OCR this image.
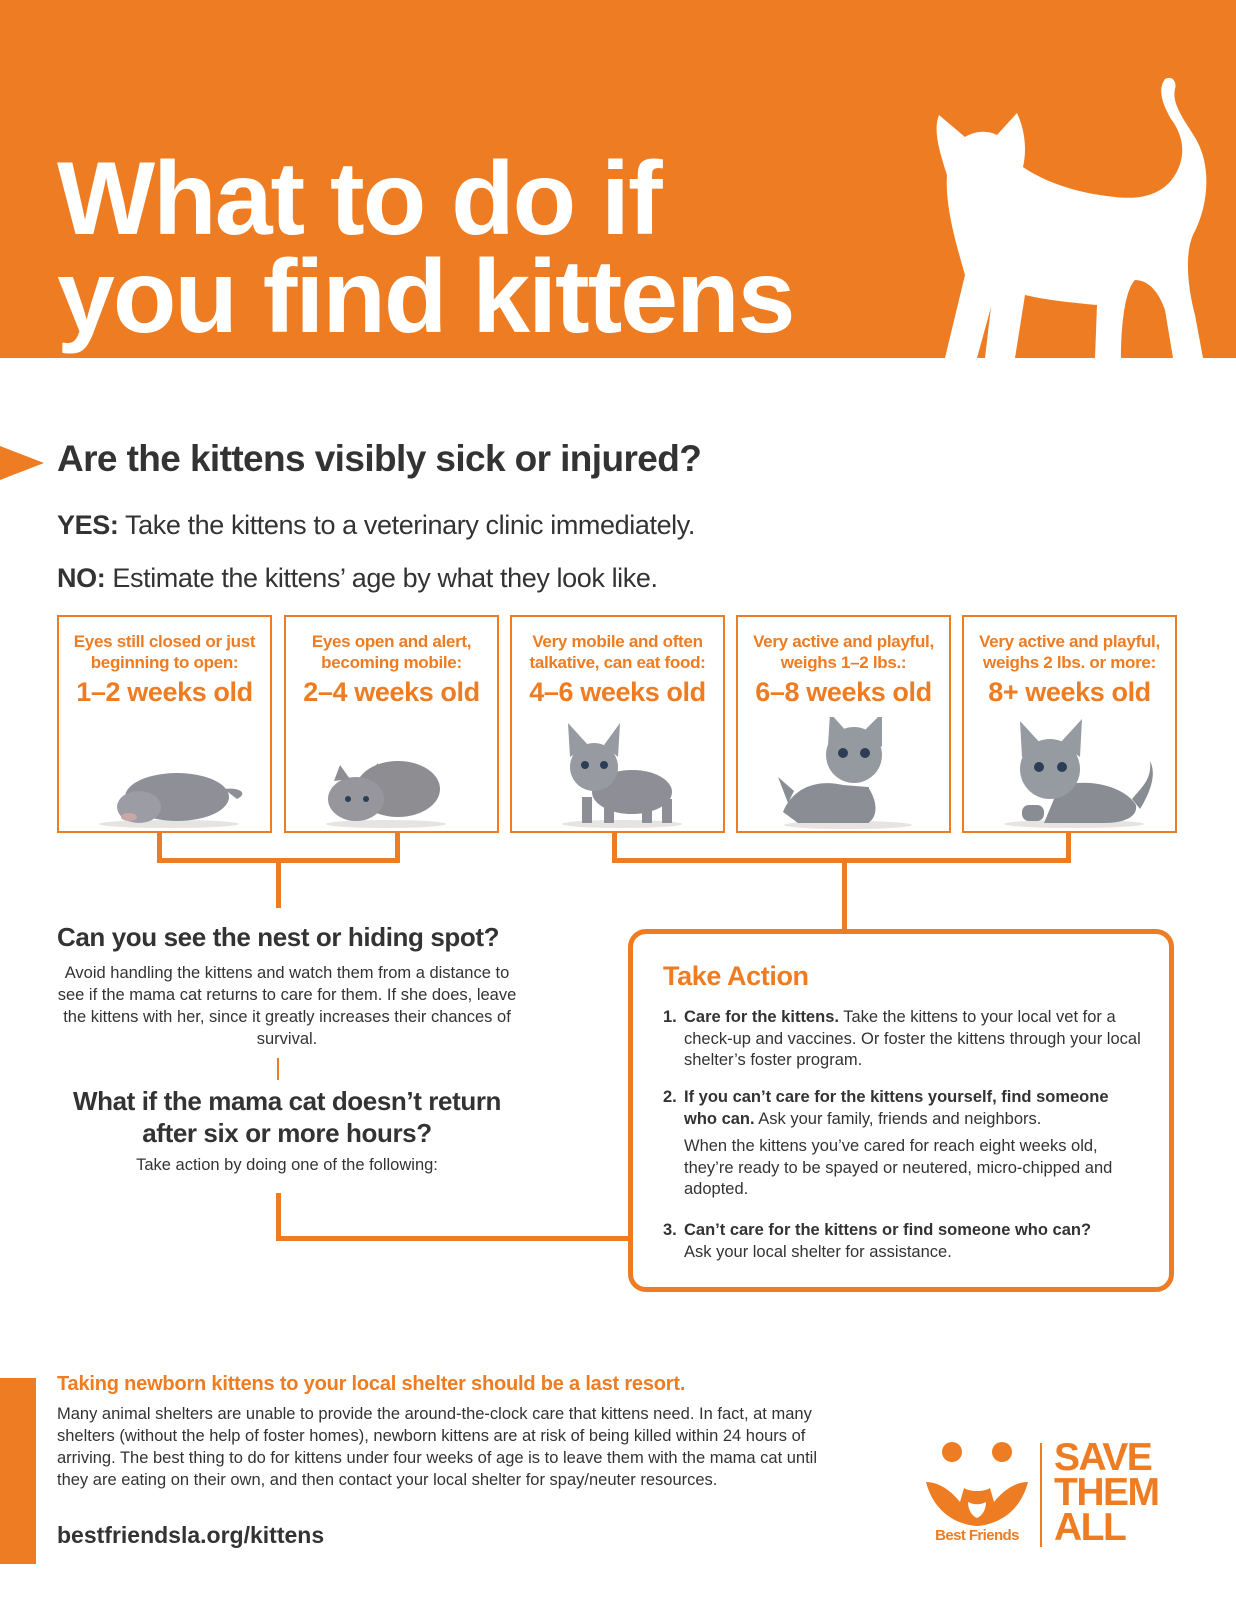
What to do if
you find kittens
Are the kittens visibly sick or injured?
YES: Take the kittens to a veterinary clinic immediately.
NO: Estimate the kittens’ age by what they look like.
Eyes still closed or just beginning to open:
1–2 weeks old
Eyes open and alert, becoming mobile:
2–4 weeks old
Very mobile and often talkative, can eat food:
4–6 weeks old
Very active and playful, weighs 1–2 lbs.:
6–8 weeks old
Very active and playful, weighs 2 lbs. or more:
8+ weeks old
Can you see the nest or hiding spot?
Avoid handling the kittens and watch them from a distance to see if the mama cat returns to care for them. If she does, leave the kittens with her, since it greatly increases their chances of survival.
What if the mama cat doesn’t return after six or more hours?
Take action by doing one of the following:
Take Action
1. Care for the kittens. Take the kittens to your local vet for a check-up and vaccines. Or foster the kittens through your local shelter’s foster program.
2. If you can’t care for the kittens yourself, find someone who can. Ask your family, friends and neighbors.
When the kittens you’ve cared for reach eight weeks old, they’re ready to be spayed or neutered, micro-chipped and adopted.
3. Can’t care for the kittens or find someone who can?
Ask your local shelter for assistance.
Taking newborn kittens to your local shelter should be a last resort.
Many animal shelters are unable to provide the around-the-clock care that kittens need. In fact, at many shelters (without the help of foster homes), newborn kittens are at risk of being killed within 24 hours of arriving. The best thing to do for kittens under four weeks of age is to leave them with the mama cat until they are eating on their own, and then contact your local shelter for spay/neuter resources.
bestfriendsla.org/kittens	Best Friends
SAVE
THEM
ALL
